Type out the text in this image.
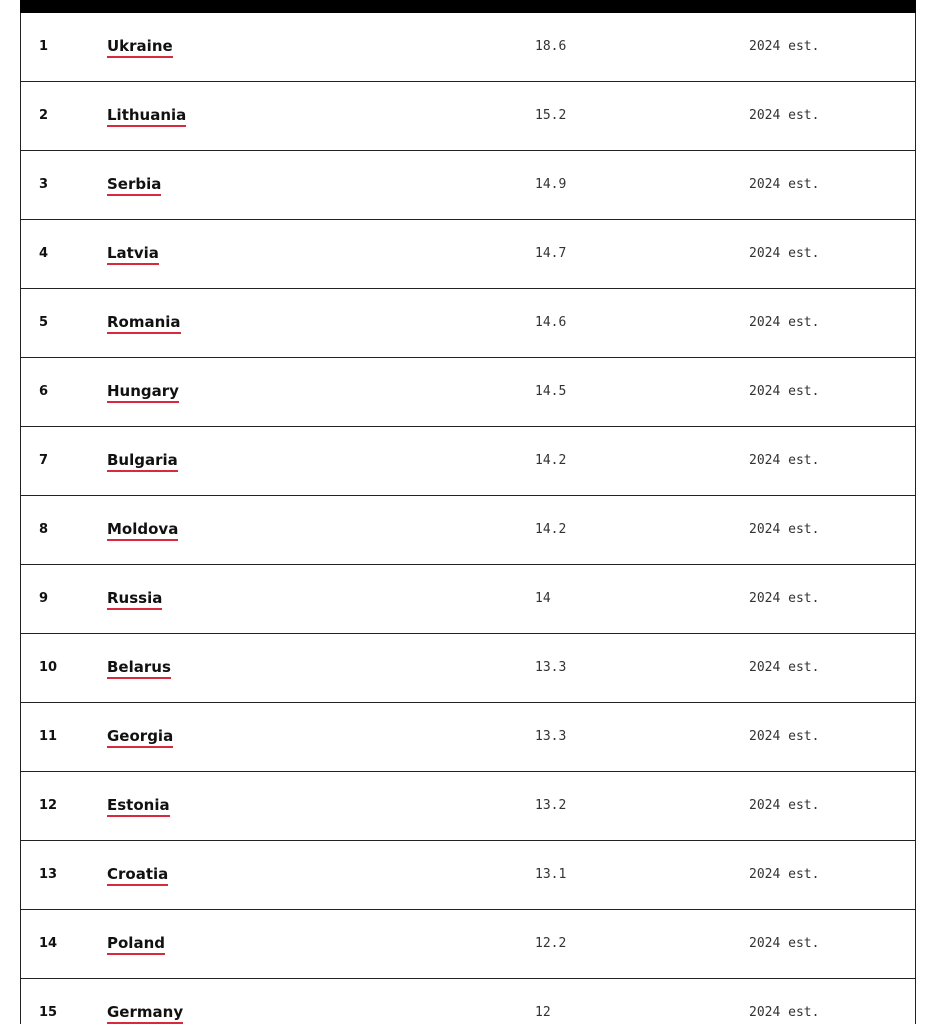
1	Ukraine	18.6	2024 est.
2	Lithuania	15.2	2024 est.
3	Serbia	14.9	2024 est.
4	Latvia	14.7	2024 est.
5	Romania	14.6	2024 est.
6	Hungary	14.5	2024 est.
7	Bulgaria	14.2	2024 est.
8	Moldova	14.2	2024 est.
9	Russia	14	2024 est.
10	Belarus	13.3	2024 est.
11	Georgia	13.3	2024 est.
12	Estonia	13.2	2024 est.
13	Croatia	13.1	2024 est.
14	Poland	12.2	2024 est.
15	Germany	12	2024 est.
